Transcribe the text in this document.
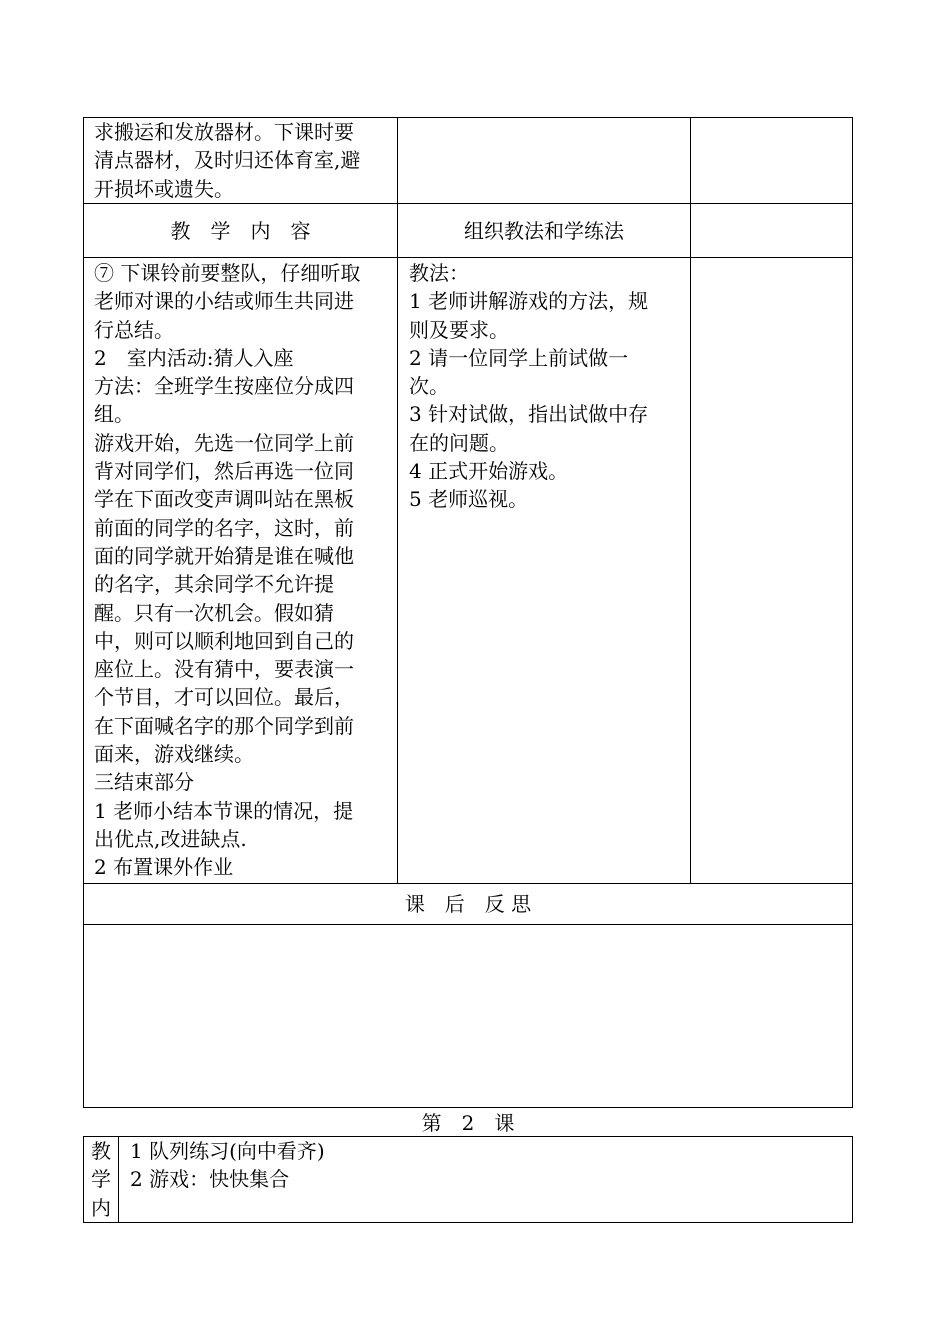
求搬运和发放器材。下课时要
清点器材，及时归还体育室,避
开损坏或遗失。
教　学　内　容	组织教法和学练法
⑦ 下课铃前要整队，仔细听取
老师对课的小结或师生共同进
行总结。
2　室内活动:猜人入座
方法：全班学生按座位分成四
组。
游戏开始，先选一位同学上前
背对同学们，然后再选一位同
学在下面改变声调叫站在黑板
前面的同学的名字，这时，前
面的同学就开始猜是谁在喊他
的名字，其余同学不允许提
醒。只有一次机会。假如猜
中，则可以顺利地回到自己的
座位上。没有猜中，要表演一
个节目，才可以回位。最后，
在下面喊名字的那个同学到前
面来，游戏继续。
三结束部分
1 老师小结本节课的情况，提
出优点,改进缺点.
2 布置课外作业
教法：
1 老师讲解游戏的方法，规
则及要求。
2 请一位同学上前试做一
次。
3 针对试做，指出试做中存
在的问题。
4 正式开始游戏。
5 老师巡视。
课　后　反 思
第　2　课
教
学
内
1 队列练习(向中看齐)
2 游戏：快快集合
